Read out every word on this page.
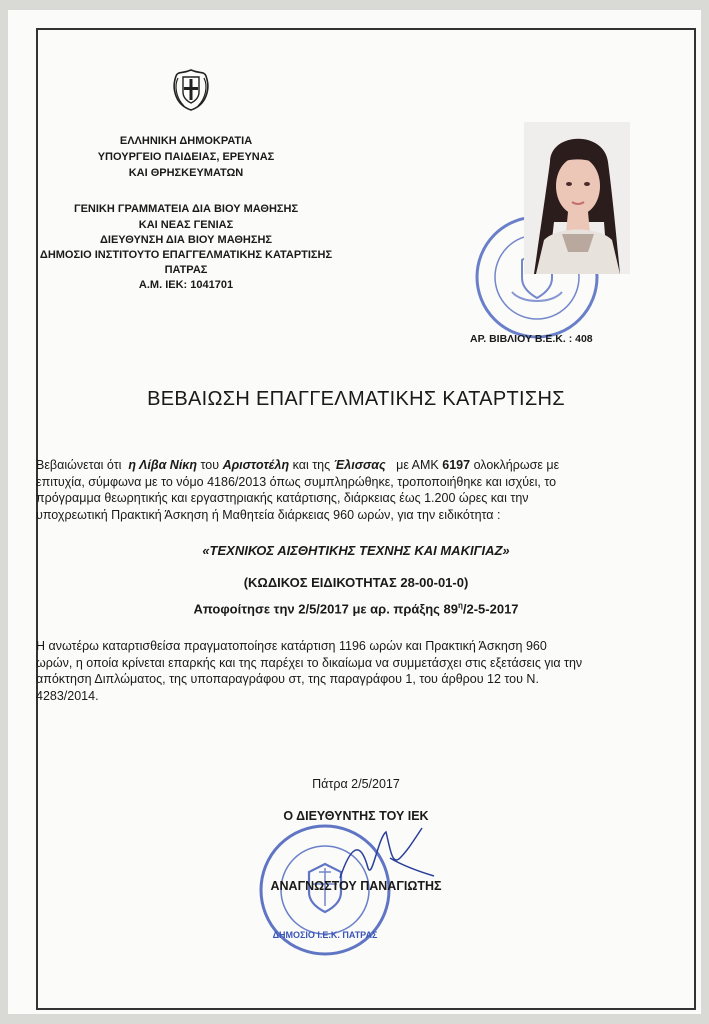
ΕΛΛΗΝΙΚΗ ΔΗΜΟΚΡΑΤΙΑ
ΥΠΟΥΡΓΕΙΟ ΠΑΙΔΕΙΑΣ, ΕΡΕΥΝΑΣ
ΚΑΙ ΘΡΗΣΚΕΥΜΑΤΩΝ
ΓΕΝΙΚΗ ΓΡΑΜΜΑΤΕΙΑ ΔΙΑ ΒΙΟΥ ΜΑΘΗΣΗΣ
ΚΑΙ ΝΕΑΣ ΓΕΝΙΑΣ
ΔΙΕΥΘΥΝΣΗ ΔΙΑ ΒΙΟΥ ΜΑΘΗΣΗΣ
ΔΗΜΟΣΙΟ ΙΝΣΤΙΤΟΥΤΟ ΕΠΑΓΓΕΛΜΑΤΙΚΗΣ ΚΑΤΑΡΤΙΣΗΣ
ΠΑΤΡΑΣ
Α.Μ. ΙΕΚ: 1041701
ΑΡ. ΒΙΒΛΙΟΥ Β.Ε.Κ. : 408
ΒΕΒΑΙΩΣΗ ΕΠΑΓΓΕΛΜΑΤΙΚΗΣ ΚΑΤΑΡΤΙΣΗΣ
Βεβαιώνεται ότι η Λίβα Νίκη του Αριστοτέλη και της Έλισσας με ΑΜΚ 6197 ολοκλήρωσε με
επιτυχία, σύμφωνα με το νόμο 4186/2013 όπως συμπληρώθηκε, τροποποιήθηκε και ισχύει, το
πρόγραμμα θεωρητικής και εργαστηριακής κατάρτισης, διάρκειας έως 1.200 ώρες και την
υποχρεωτική Πρακτική Άσκηση ή Μαθητεία διάρκειας 960 ωρών, για την ειδικότητα :
«ΤΕΧΝΙΚΟΣ ΑΙΣΘΗΤΙΚΗΣ ΤΕΧΝΗΣ ΚΑΙ ΜΑΚΙΓΙΑΖ»
(ΚΩΔΙΚΟΣ ΕΙΔΙΚΟΤΗΤΑΣ 28-00-01-0)
Αποφοίτησε την 2/5/2017 με αρ. πράξης $89^\eta/2-5-2017$
Η ανωτέρω καταρτισθείσα πραγματοποίησε κατάρτιση 1196 ωρών και Πρακτική Άσκηση 960
ωρών, η οποία κρίνεται επαρκής και της παρέχει το δικαίωμα να συμμετάσχει στις εξετάσεις για την
απόκτηση Διπλώματος, της υποπαραγράφου στ, της παραγράφου 1, του άρθρου 12 του Ν.
4283/2014.
Πάτρα 2/5/2017
ΔΗΜΟΣΙΟ Ι.Ε.Κ. ΠΑΤΡΑΣ
Ο ΔΙΕΥΘΥΝΤΗΣ ΤΟΥ ΙΕΚ
ΑΝΑΓΝΩΣΤΟΥ ΠΑΝΑΓΙΩΤΗΣ
